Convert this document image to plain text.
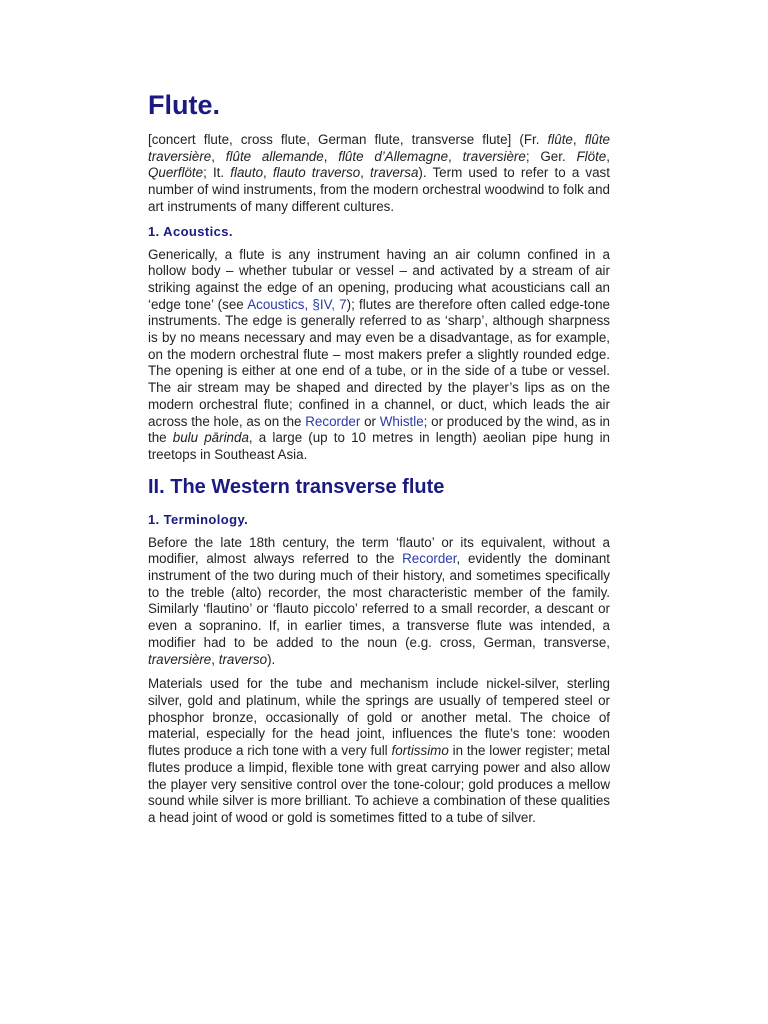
Flute.

[concert flute, cross flute, German flute, transverse flute] (Fr. flûte, flûte traversière, flûte allemande, flûte d’Allemagne, traversière; Ger. Flöte, Querflöte; It. flauto, flauto traverso, traversa). Term used to refer to a vast number of wind instruments, from the modern orchestral woodwind to folk and art instruments of many different cultures.

1. Acoustics.

Generically, a flute is any instrument having an air column confined in a hollow body – whether tubular or vessel – and activated by a stream of air striking against the edge of an opening, producing what acousticians call an ‘edge tone’ (see Acoustics, §IV, 7); flutes are therefore often called edge-tone instruments. The edge is generally referred to as ‘sharp’, although sharpness is by no means necessary and may even be a disadvantage, as for example, on the modern orchestral flute – most makers prefer a slightly rounded edge. The opening is either at one end of a tube, or in the side of a tube or vessel. The air stream may be shaped and directed by the player’s lips as on the modern orchestral flute; confined in a channel, or duct, which leads the air across the hole, as on the Recorder or Whistle; or produced by the wind, as in the bulu pārinda, a large (up to 10 metres in length) aeolian pipe hung in treetops in Southeast Asia.

II. The Western transverse flute
1. Terminology.

Before the late 18th century, the term ‘flauto’ or its equivalent, without a modifier, almost always referred to the Recorder, evidently the dominant instrument of the two during much of their history, and sometimes specifically to the treble (alto) recorder, the most characteristic member of the family. Similarly ‘flautino’ or ‘flauto piccolo’ referred to a small recorder, a descant or even a sopranino. If, in earlier times, a transverse flute was intended, a modifier had to be added to the noun (e.g. cross, German, transverse, traversière, traverso).

Materials used for the tube and mechanism include nickel-silver, sterling silver, gold and platinum, while the springs are usually of tempered steel or phosphor bronze, occasionally of gold or another metal. The choice of material, especially for the head joint, influences the flute’s tone: wooden flutes produce a rich tone with a very full fortissimo in the lower register; metal flutes produce a limpid, flexible tone with great carrying power and also allow the player very sensitive control over the tone-colour; gold produces a mellow sound while silver is more brilliant. To achieve a combination of these qualities a head joint of wood or gold is sometimes fitted to a tube of silver.
